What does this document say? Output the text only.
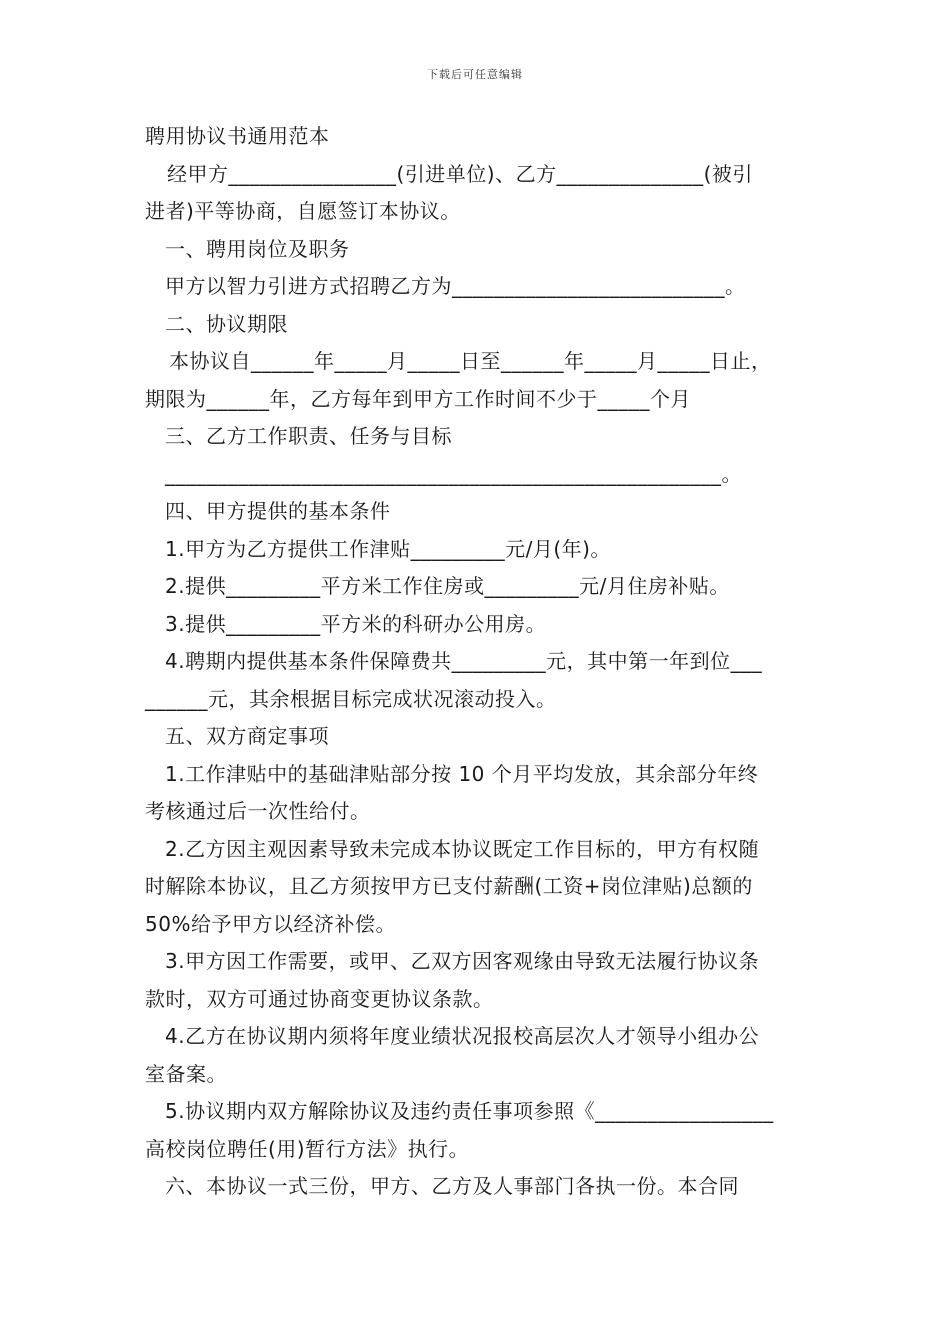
下载后可任意编辑
聘用协议书通用范本
经甲方________________(引进单位)、乙方______________(被引
进者)平等协商，自愿签订本协议。
一、聘用岗位及职务
甲方以智力引进方式招聘乙方为__________________________。
二、协议期限
本协议自______年_____月_____日至______年_____月_____日止，
期限为______年，乙方每年到甲方工作时间不少于_____个月
三、乙方工作职责、任务与目标
_____________________________________________________。
四、甲方提供的基本条件
1.甲方为乙方提供工作津贴_________元/月(年)。
2.提供_________平方米工作住房或_________元/月住房补贴。
3.提供_________平方米的科研办公用房。
4.聘期内提供基本条件保障费共_________元，其中第一年到位___
______元，其余根据目标完成状况滚动投入。
五、双方商定事项
1.工作津贴中的基础津贴部分按 10 个月平均发放，其余部分年终
考核通过后一次性给付。
2.乙方因主观因素导致未完成本协议既定工作目标的，甲方有权随
时解除本协议，且乙方须按甲方已支付薪酬(工资+岗位津贴)总额的
50%给予甲方以经济补偿。
3.甲方因工作需要，或甲、乙双方因客观缘由导致无法履行协议条
款时，双方可通过协商变更协议条款。
4.乙方在协议期内须将年度业绩状况报校高层次人才领导小组办公
室备案。
5.协议期内双方解除协议及违约责任事项参照《_________________
高校岗位聘任(用)暂行方法》执行。
六、本协议一式三份，甲方、乙方及人事部门各执一份。本合同
